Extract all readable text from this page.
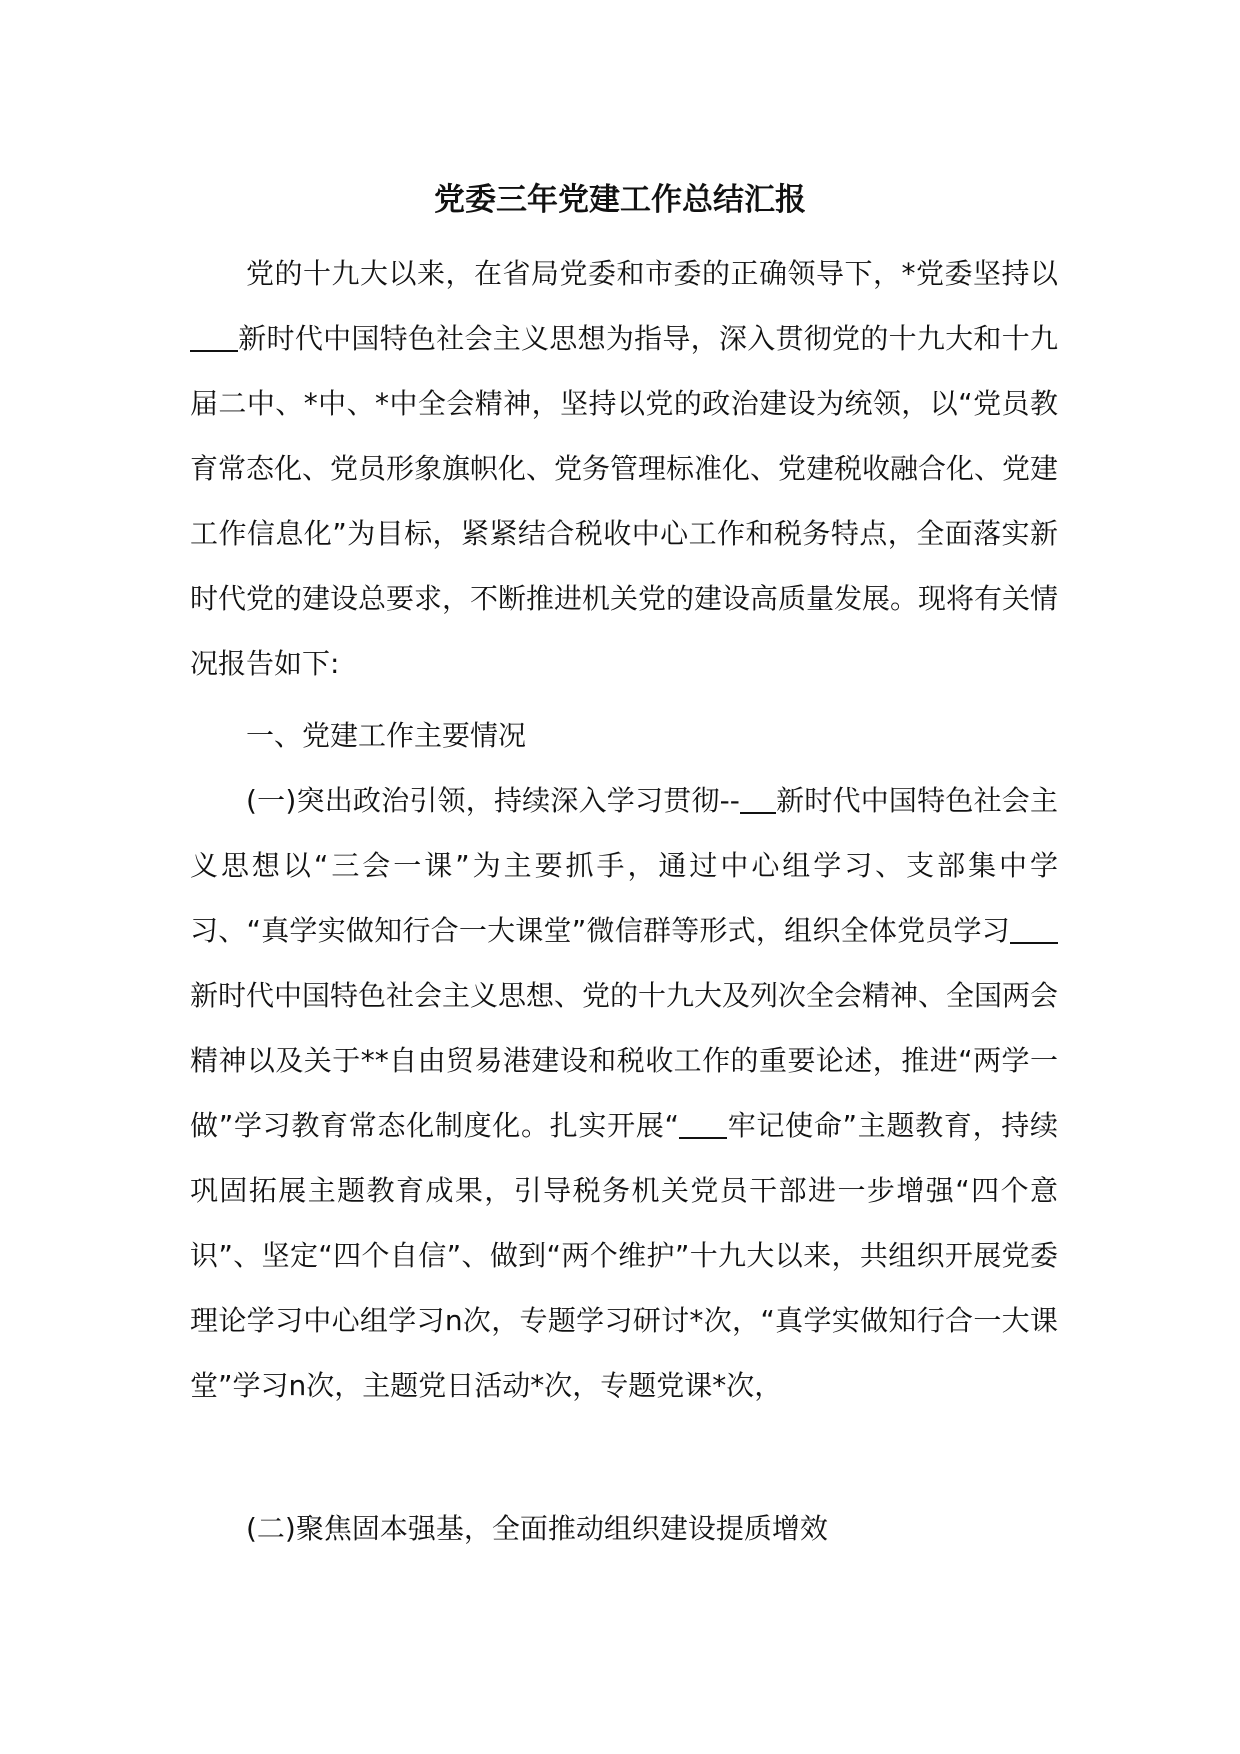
党委三年党建工作总结汇报
党的十九大以来，在省局党委和市委的正确领导下，*党委坚持以新时代中国特色社会主义思想为指导，深入贯彻党的十九大和十九届二中、*中、*中全会精神，坚持以党的政治建设为统领，以“党员教育常态化、党员形象旗帜化、党务管理标准化、党建税收融合化、党建工作信息化”为目标，紧紧结合税收中心工作和税务特点，全面落实新时代党的建设总要求，不断推进机关党的建设高质量发展。现将有关情况报告如下:
一、党建工作主要情况
(一)突出政治引领，持续深入学习贯彻-- 新时代中国特色社会主义思想以“三会一课”为主要抓手，通过中心组学习、支部集中学习、“真学实做知行合一大课堂”微信群等形式，组织全体党员学习新时代中国特色社会主义思想、党的十九大及列次全会精神、全国两会精神以及关于**自由贸易港建设和税收工作的重要论述，推进“两学一做”学习教育常态化制度化。扎实开展“ 牢记使命”主题教育，持续巩固拓展主题教育成果，引导税务机关党员干部进一步增强“四个意识”、坚定“四个自信”、做到“两个维护”十九大以来，共组织开展党委理论学习中心组学习n次，专题学习研讨*次，“真学实做知行合一大课堂”学习n次，主题党日活动*次，专题党课*次，
(二)聚焦固本强基，全面推动组织建设提质增效
